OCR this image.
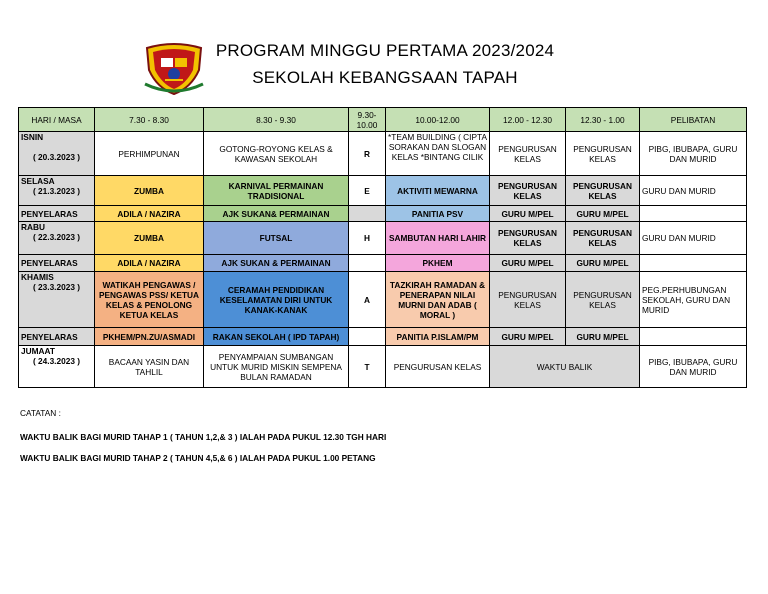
PROGRAM MINGGU PERTAMA 2023/2024
SEKOLAH KEBANGSAAN TAPAH
HARI / MASA	7.30 - 8.30	8.30 - 9.30	9.30-
10.00	10.00-12.00	12.00 - 12.30	12.30 - 1.00	PELIBATAN

ISNIN
( 20.3.2023 )	PERHIMPUNAN	GOTONG-ROYONG KELAS & KAWASAN SEKOLAH	R	*TEAM BUILDING ( CIPTA SORAKAN DAN SLOGAN KELAS *BINTANG CILIK	PENGURUSAN KELAS	PENGURUSAN KELAS	PIBG, IBUBAPA, GURU DAN MURID

SELASA
( 21.3.2023 )	ZUMBA	KARNIVAL PERMAINAN TRADISIONAL	E	AKTIVITI MEWARNA	PENGURUSAN KELAS	PENGURUSAN KELAS	GURU DAN MURID
PENYELARAS	ADILA / NAZIRA	AJK SUKAN& PERMAINAN		PANITIA PSV	GURU M/PEL	GURU M/PEL	

RABU
( 22.3.2023 )	ZUMBA	FUTSAL	H	SAMBUTAN HARI LAHIR	PENGURUSAN KELAS	PENGURUSAN KELAS	GURU DAN MURID
PENYELARAS	ADILA / NAZIRA	AJK SUKAN & PERMAINAN		PKHEM	GURU M/PEL	GURU M/PEL	

KHAMIS
( 23.3.2023 )	WATIKAH PENGAWAS / PENGAWAS PSS/ KETUA KELAS & PENOLONG KETUA KELAS	CERAMAH PENDIDIKAN KESELAMATAN DIRI UNTUK KANAK-KANAK	A	TAZKIRAH RAMADAN & PENERAPAN NILAI MURNI DAN ADAB ( MORAL )	PENGURUSAN KELAS	PENGURUSAN KELAS	PEG.PERHUBUNGAN SEKOLAH, GURU DAN MURID
PENYELARAS	PKHEM/PN.ZU/ASMADI	RAKAN SEKOLAH ( IPD TAPAH)		PANITIA P.ISLAM/PM	GURU M/PEL	GURU M/PEL	

JUMAAT
( 24.3.2023 )	BACAAN YASIN DAN TAHLIL	PENYAMPAIAN SUMBANGAN UNTUK MURID MISKIN SEMPENA BULAN RAMADAN	T	PENGURUSAN KELAS	WAKTU BALIK		PIBG, IBUBAPA, GURU DAN MURID
CATATAN :
WAKTU BALIK BAGI MURID TAHAP 1 ( TAHUN 1,2,& 3 ) IALAH PADA PUKUL 12.30 TGH HARI
WAKTU BALIK BAGI MURID TAHAP 2 ( TAHUN 4,5,& 6 ) IALAH PADA PUKUL 1.00 PETANG
